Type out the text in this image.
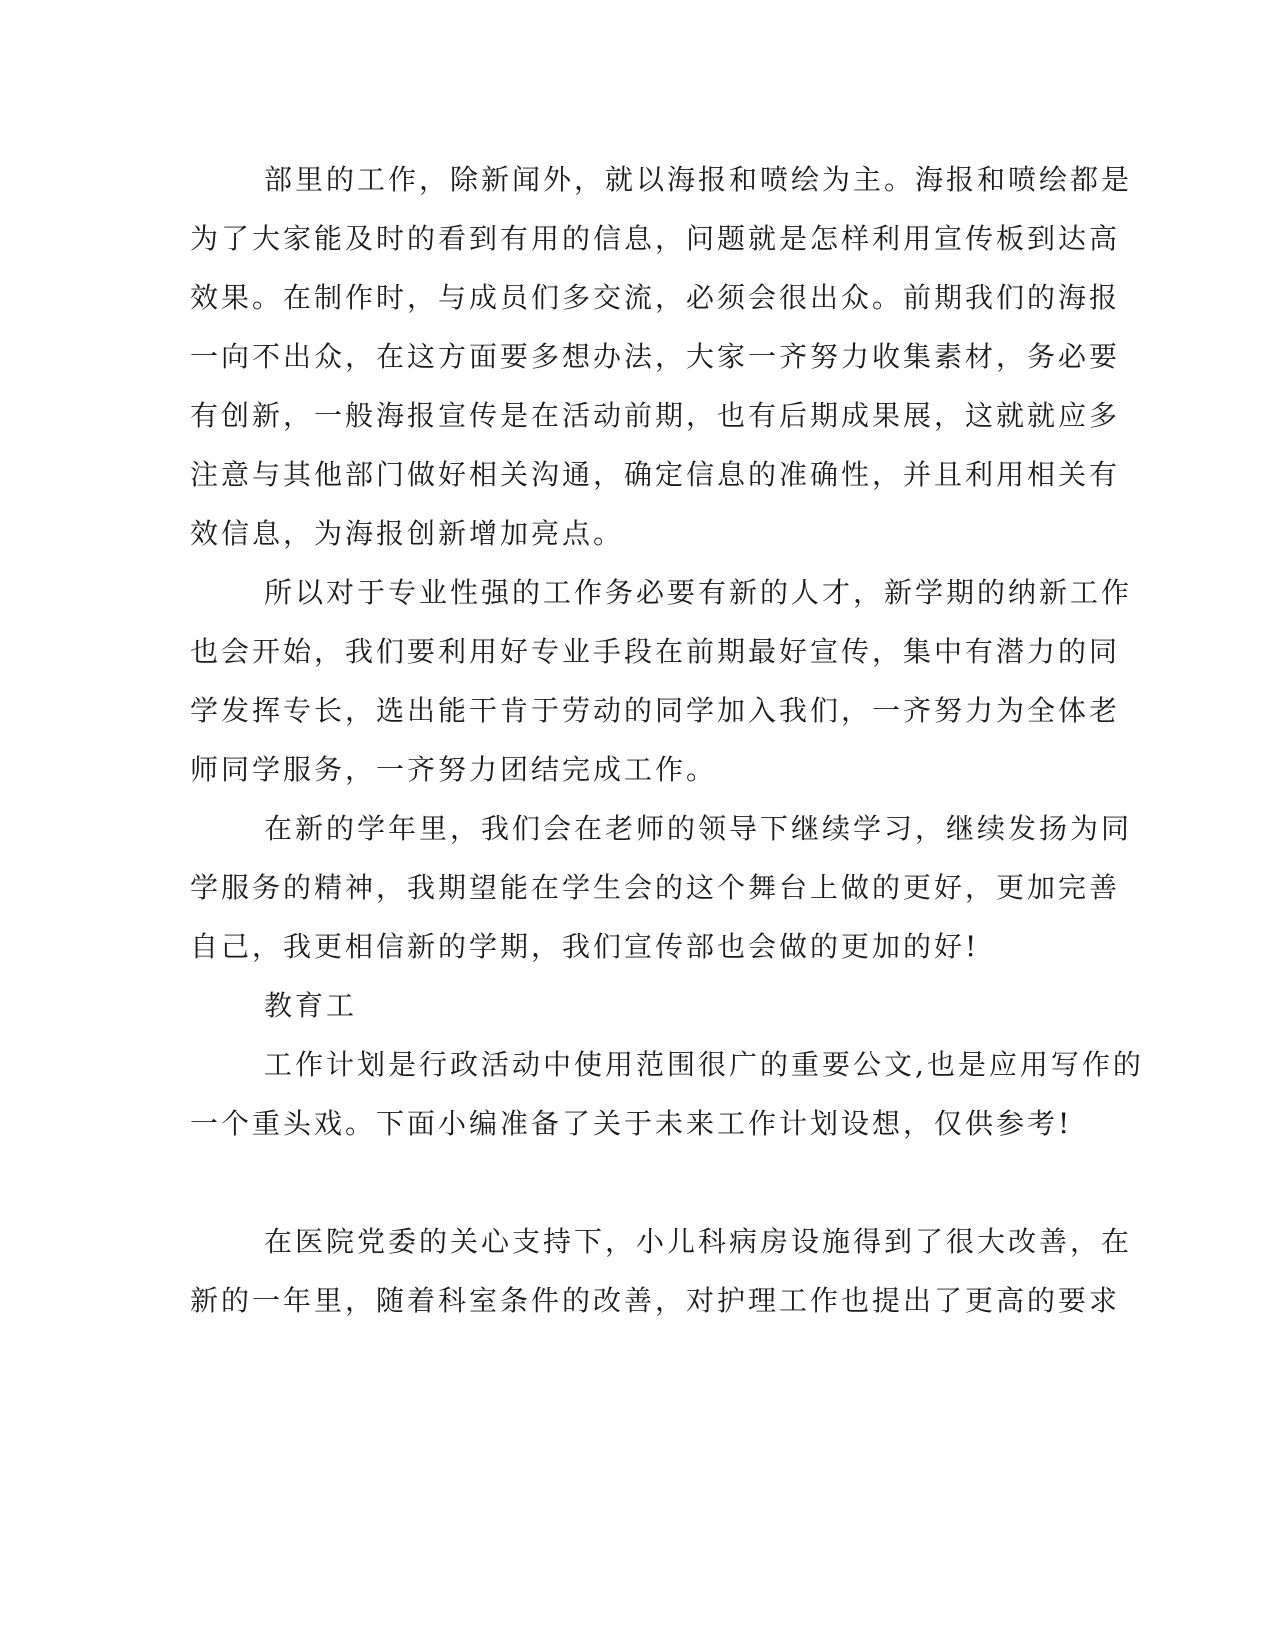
部里的工作，除新闻外，就以海报和喷绘为主。海报和喷绘都是
为了大家能及时的看到有用的信息，问题就是怎样利用宣传板到达高
效果。在制作时，与成员们多交流，必须会很出众。前期我们的海报
一向不出众，在这方面要多想办法，大家一齐努力收集素材，务必要
有创新，一般海报宣传是在活动前期，也有后期成果展，这就就应多
注意与其他部门做好相关沟通，确定信息的准确性，并且利用相关有
效信息，为海报创新增加亮点。
所以对于专业性强的工作务必要有新的人才，新学期的纳新工作
也会开始，我们要利用好专业手段在前期最好宣传，集中有潜力的同
学发挥专长，选出能干肯于劳动的同学加入我们，一齐努力为全体老
师同学服务，一齐努力团结完成工作。
在新的学年里，我们会在老师的领导下继续学习，继续发扬为同
学服务的精神，我期望能在学生会的这个舞台上做的更好，更加完善
自己，我更相信新的学期，我们宣传部也会做的更加的好!
教育工
工作计划是行政活动中使用范围很广的重要公文,也是应用写作的
一个重头戏。下面小编准备了关于未来工作计划设想，仅供参考!
在医院党委的关心支持下，小儿科病房设施得到了很大改善，在
新的一年里，随着科室条件的改善，对护理工作也提出了更高的要求
